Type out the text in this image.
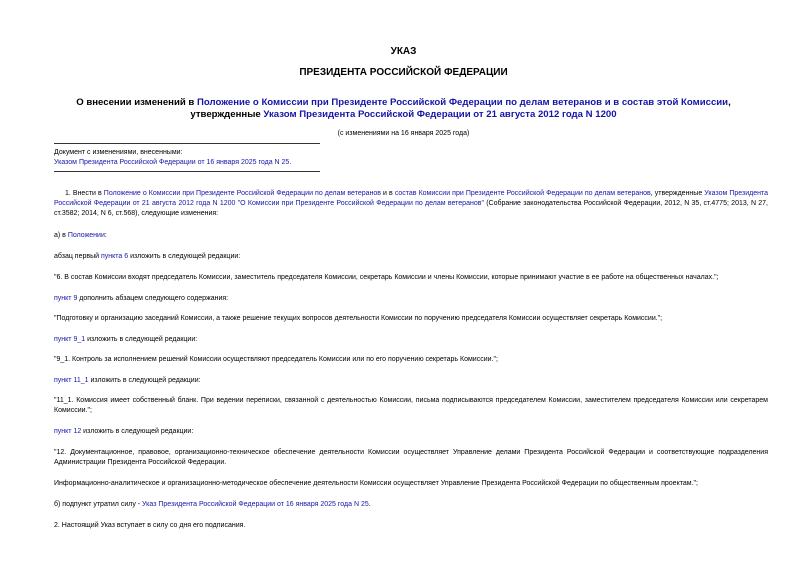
УКАЗ
ПРЕЗИДЕНТА РОССИЙСКОЙ ФЕДЕРАЦИИ
О внесении изменений в Положение о Комиссии при Президенте Российской Федерации по делам ветеранов и в состав этой Комиссии, утвержденные Указом Президента Российской Федерации от 21 августа 2012 года N 1200
(с изменениями на 16 января 2025 года)
Документ с изменениями, внесенными:
Указом Президента Российской Федерации от 16 января 2025 года N 25.
1. Внести в Положение о Комиссии при Президенте Российской Федерации по делам ветеранов и в состав Комиссии при Президенте Российской Федерации по делам ветеранов, утвержденные Указом Президента Российской Федерации от 21 августа 2012 года N 1200 "О Комиссии при Президенте Российской Федерации по делам ветеранов" (Собрание законодательства Российской Федерации, 2012, N 35, ст.4775; 2013, N 27, ст.3582; 2014, N 6, ст.568), следующие изменения:
а) в Положении:
абзац первый пункта 6 изложить в следующей редакции:
"6. В состав Комиссии входят председатель Комиссии, заместитель председателя Комиссии, секретарь Комиссии и члены Комиссии, которые принимают участие в ее работе на общественных началах.";
пункт 9 дополнить абзацем следующего содержания:
"Подготовку и организацию заседаний Комиссии, а также решение текущих вопросов деятельности Комиссии по поручению председателя Комиссии осуществляет секретарь Комиссии.";
пункт 9_1 изложить в следующей редакции:
"9_1. Контроль за исполнением решений Комиссии осуществляют председатель Комиссии или по его поручению секретарь Комиссии.";
пункт 11_1 изложить в следующей редакции:
"11_1. Комиссия имеет собственный бланк. При ведении переписки, связанной с деятельностью Комиссии, письма подписываются председателем Комиссии, заместителем председателя Комиссии или секретарем Комиссии.";
пункт 12 изложить в следующей редакции:
"12. Документационное, правовое, организационно-техническое обеспечение деятельности Комиссии осуществляет Управление делами Президента Российской Федерации и соответствующие подразделения Администрации Президента Российской Федерации.
Информационно-аналитическое и организационно-методическое обеспечение деятельности Комиссии осуществляет Управление Президента Российской Федерации по общественным проектам.";
б) подпункт утратил силу - Указ Президента Российской Федерации от 16 января 2025 года N 25.
2. Настоящий Указ вступает в силу со дня его подписания.
